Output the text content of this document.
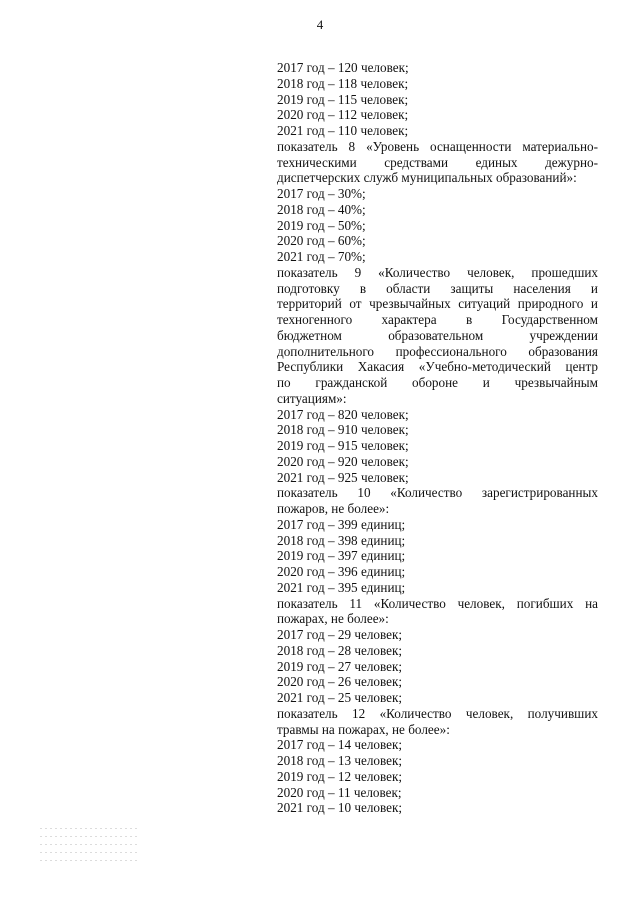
4
2017 год – 120 человек;
2018 год – 118 человек;
2019 год – 115 человек;
2020 год – 112 человек;
2021 год – 110 человек;
показатель 8 «Уровень оснащенности материально-
техническими средствами единых дежурно-
диспетчерских служб муниципальных образований»:
2017 год – 30%;
2018 год – 40%;
2019 год – 50%;
2020 год – 60%;
2021 год – 70%;
показатель 9 «Количество человек, прошедших
подготовку в области защиты населения и
территорий от чрезвычайных ситуаций природного и
техногенного характера в Государственном
бюджетном образовательном учреждении
дополнительного профессионального образования
Республики Хакасия «Учебно-методический центр
по гражданской обороне и чрезвычайным
ситуациям»:
2017 год – 820 человек;
2018 год – 910 человек;
2019 год – 915 человек;
2020 год – 920 человек;
2021 год – 925 человек;
показатель 10 «Количество зарегистрированных
пожаров, не более»:
2017 год – 399 единиц;
2018 год – 398 единиц;
2019 год – 397 единиц;
2020 год – 396 единиц;
2021 год – 395 единиц;
показатель 11 «Количество человек, погибших на
пожарах, не более»:
2017 год – 29 человек;
2018 год – 28 человек;
2019 год – 27 человек;
2020 год – 26 человек;
2021 год – 25 человек;
показатель 12 «Количество человек, получивших
травмы на пожарах, не более»:
2017 год – 14 человек;
2018 год – 13 человек;
2019 год – 12 человек;
2020 год – 11 человек;
2021 год – 10 человек;
